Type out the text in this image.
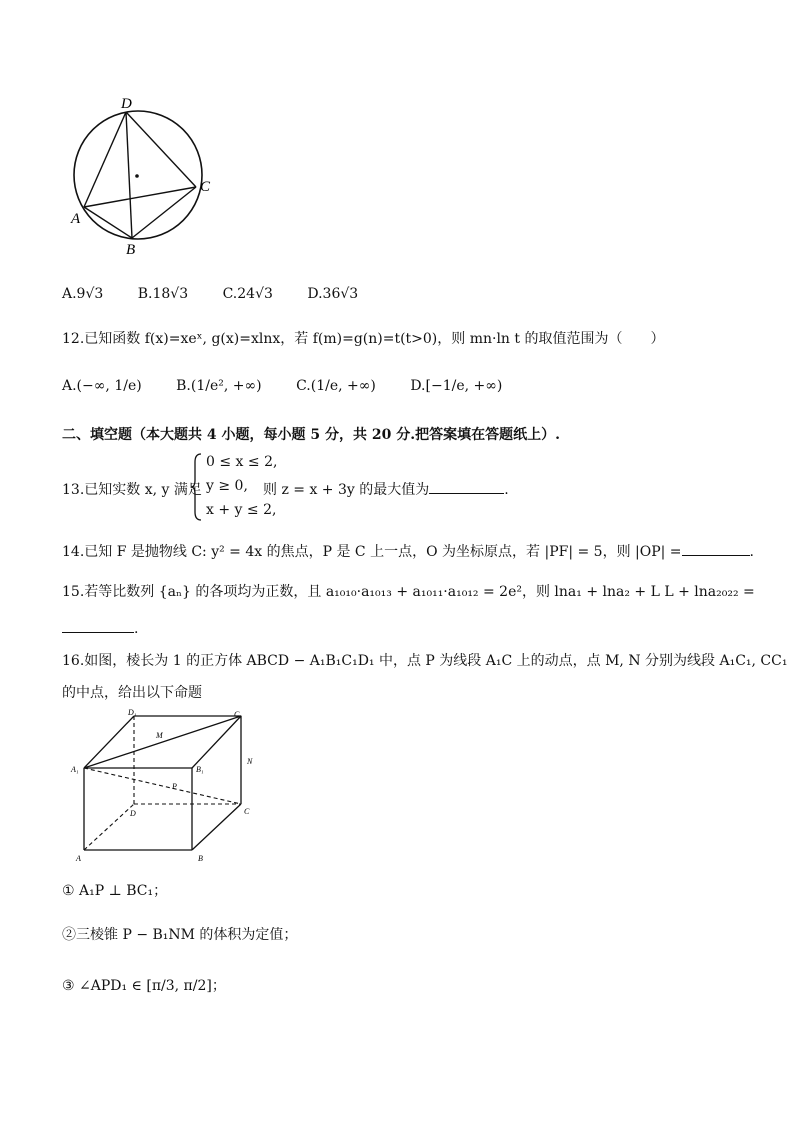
D
C
A
B
A.9√3 B.18√3 C.24√3 D.36√3
12.已知函数 f(x)=xeˣ, g(x)=xlnx，若 f(m)=g(n)=t(t>0)，则 mn·ln t 的取值范围为（　　）
A.(−∞, 1/e) B.(1/e², +∞) C.(1/e, +∞) D.[−1/e, +∞)
二、填空题（本大题共 4 小题，每小题 5 分，共 20 分.把答案填在答题纸上）.
13.已知实数 x, y 满足
0 ≤ x ≤ 2,
y ≥ 0,
x + y ≤ 2,
则 z = x + 3y 的最大值为	.
14.已知 F 是抛物线 C: y² = 4x 的焦点，P 是 C 上一点，O 为坐标原点，若 |PF| = 5，则 |OP| =	.
15.若等比数列 {aₙ} 的各项均为正数，且 a₁₀₁₀·a₁₀₁₃ + a₁₀₁₁·a₁₀₁₂ = 2e²，则 lna₁ + lna₂ + L L + lna₂₀₂₂ =
.
16.如图，棱长为 1 的正方体 ABCD − A₁B₁C₁D₁ 中，点 P 为线段 A₁C 上的动点，点 M, N 分别为线段 A₁C₁, CC₁
的中点，给出以下命题
D₁	C₁
M
A₁	B₁
N
P
D	C
A	B
① A₁P ⊥ BC₁；
②三棱锥 P − B₁NM 的体积为定值；
③ ∠APD₁ ∈ [π/3, π/2]；
